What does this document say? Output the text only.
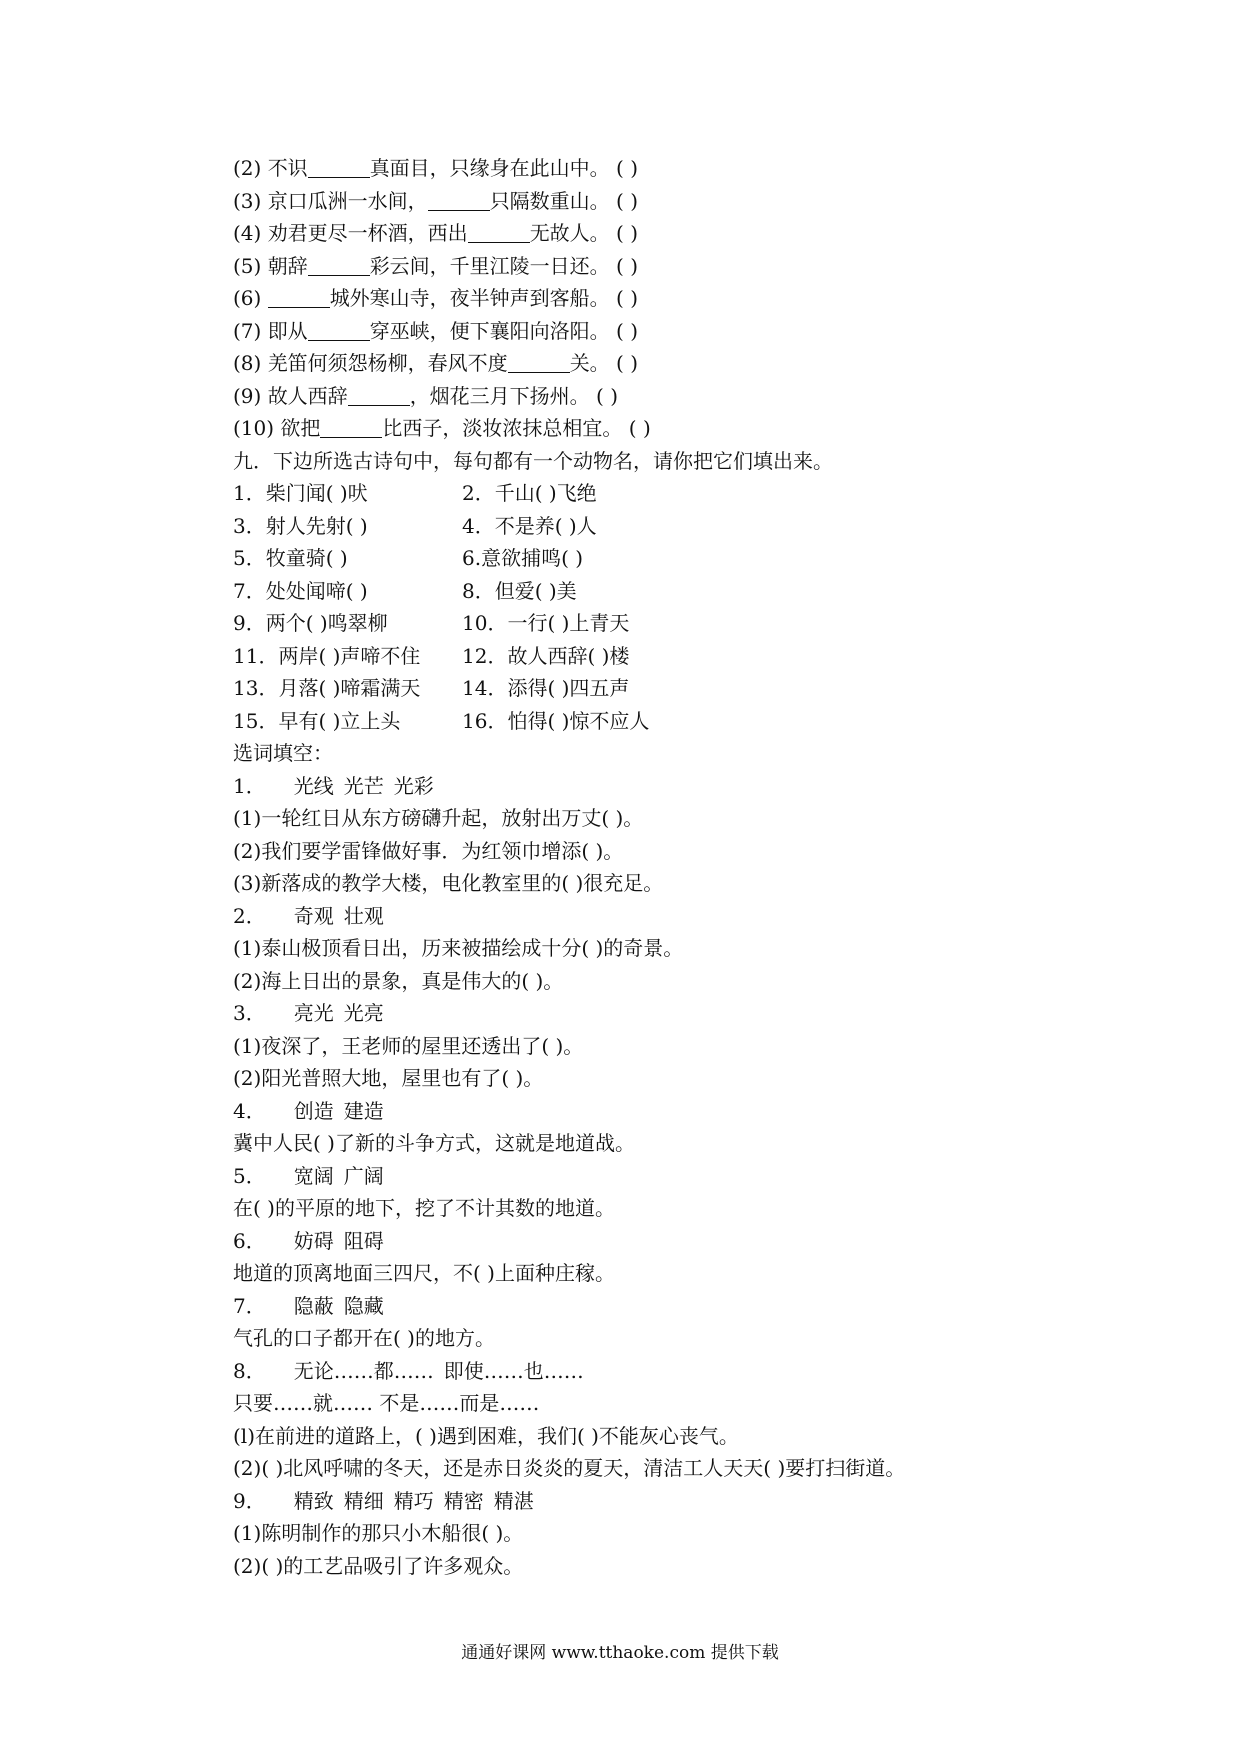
(2) 不识	真面目，只缘身在此山中。 ( )
(3) 京口瓜洲一水间，	只隔数重山。 ( )
(4) 劝君更尽一杯酒，西出	无故人。 ( )
(5) 朝辞	彩云间，千里江陵一日还。 ( )
(6)	城外寒山寺，夜半钟声到客船。 ( )
(7) 即从	穿巫峡，便下襄阳向洛阳。 ( )
(8) 羌笛何须怨杨柳，春风不度	关。 ( )
(9) 故人西辞	，烟花三月下扬州。 ( )
(10) 欲把	比西子，淡妆浓抹总相宜。 ( )
九．下边所选古诗句中，每句都有一个动物名，请你把它们填出来。
1．柴门闻( )吠	2．千山( )飞绝
3．射人先射( )	4．不是养( )人
5．牧童骑( )	6.意欲捕鸣( )
7．处处闻啼( )	8．但爱( )美
9．两个( )鸣翠柳	10．一行( )上青天
11．两岸( )声啼不住	12．故人西辞( )楼
13．月落( )啼霜满天	14．添得( )四五声
15．早有( )立上头	16．怕得( )惊不应人
选词填空：
1． 光线 光芒 光彩
(1)一轮红日从东方磅礴升起，放射出万丈( )。
(2)我们要学雷锋做好事．为红领巾增添( )。
(3)新落成的教学大楼，电化教室里的( )很充足。
2． 奇观 壮观
(1)泰山极顶看日出，历来被描绘成十分( )的奇景。
(2)海上日出的景象，真是伟大的( )。
3． 亮光 光亮
(1)夜深了，王老师的屋里还透出了( )。
(2)阳光普照大地，屋里也有了( )。
4． 创造 建造
冀中人民( )了新的斗争方式，这就是地道战。
5． 宽阔 广阔
在( )的平原的地下，挖了不计其数的地道。
6． 妨碍 阻碍
地道的顶离地面三四尺，不( )上面种庄稼。
7． 隐蔽 隐藏
气孔的口子都开在( )的地方。
8． 无论……都…… 即使……也……
只要……就…… 不是……而是……
(l)在前进的道路上，( )遇到困难，我们( )不能灰心丧气。
(2)( )北风呼啸的冬天，还是赤日炎炎的夏天，清洁工人天天( )要打扫街道。
9． 精致 精细 精巧 精密 精湛
(1)陈明制作的那只小木船很( )。
(2)( )的工艺品吸引了许多观众。
通通好课网 www.tthaoke.com 提供下载
